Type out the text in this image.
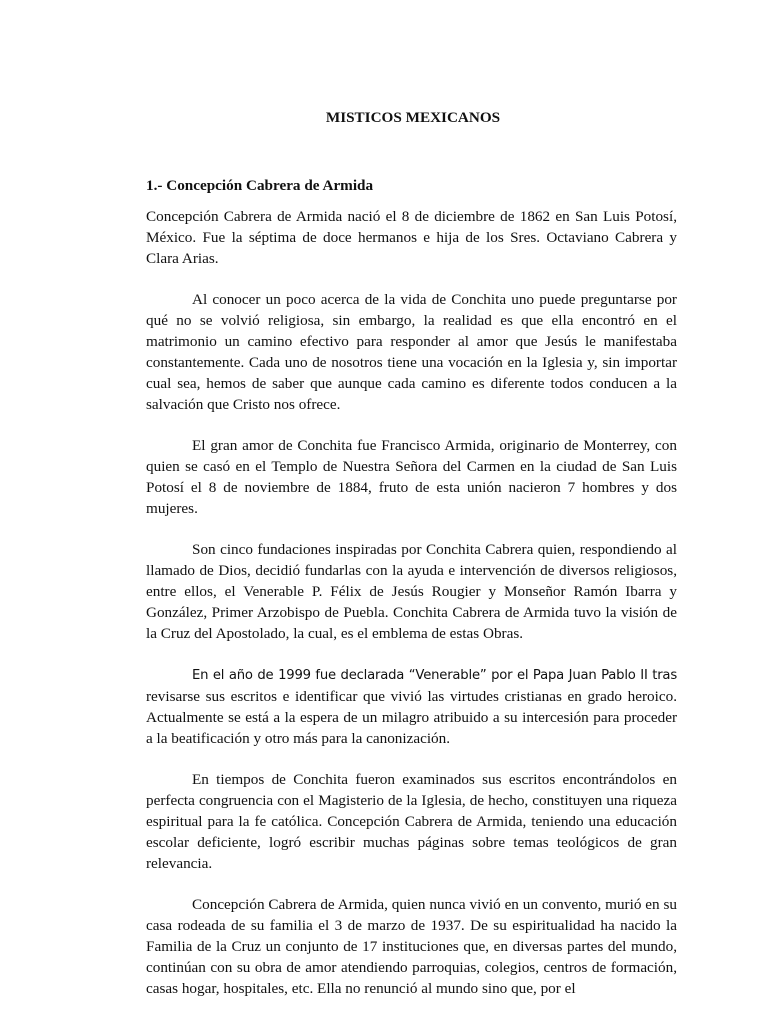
MISTICOS MEXICANOS

1.- Concepción Cabrera de Armida

Concepción Cabrera de Armida nació el 8 de diciembre de 1862 en San Luis Potosí, México. Fue la séptima de doce hermanos e hija de los Sres. Octaviano Cabrera y Clara Arias.

Al conocer un poco acerca de la vida de Conchita uno puede preguntarse por qué no se volvió religiosa, sin embargo, la realidad es que ella encontró en el matrimonio un camino efectivo para responder al amor que Jesús le manifestaba constantemente. Cada uno de nosotros tiene una vocación en la Iglesia y, sin importar cual sea, hemos de saber que aunque cada camino es diferente todos conducen a la salvación que Cristo nos ofrece.

El gran amor de Conchita fue Francisco Armida, originario de Monterrey, con quien se casó en el Templo de Nuestra Señora del Carmen en la ciudad de San Luis Potosí el 8 de noviembre de 1884, fruto de esta unión nacieron 7 hombres y dos mujeres.

Son cinco fundaciones inspiradas por Conchita Cabrera quien, respondiendo al llamado de Dios, decidió fundarlas con la ayuda e intervención de diversos religiosos, entre ellos, el Venerable P. Félix de Jesús Rougier y Monseñor Ramón Ibarra y González, Primer Arzobispo de Puebla. Conchita Cabrera de Armida tuvo la visión de la Cruz del Apostolado, la cual, es el emblema de estas Obras.

En el año de 1999 fue declarada “Venerable” por el Papa Juan Pablo II tras revisarse sus escritos e identificar que vivió las virtudes cristianas en grado heroico. Actualmente se está a la espera de un milagro atribuido a su intercesión para proceder a la beatificación y otro más para la canonización.

En tiempos de Conchita fueron examinados sus escritos encontrándolos en perfecta congruencia con el Magisterio de la Iglesia, de hecho, constituyen una riqueza espiritual para la fe católica. Concepción Cabrera de Armida, teniendo una educación escolar deficiente, logró escribir muchas páginas sobre temas teológicos de gran relevancia.

Concepción Cabrera de Armida, quien nunca vivió en un convento, murió en su casa rodeada de su familia el 3 de marzo de 1937. De su espiritualidad ha nacido la Familia de la Cruz un conjunto de 17 instituciones que, en diversas partes del mundo, continúan con su obra de amor atendiendo parroquias, colegios, centros de formación, casas hogar, hospitales, etc. Ella no renunció al mundo sino que, por el
